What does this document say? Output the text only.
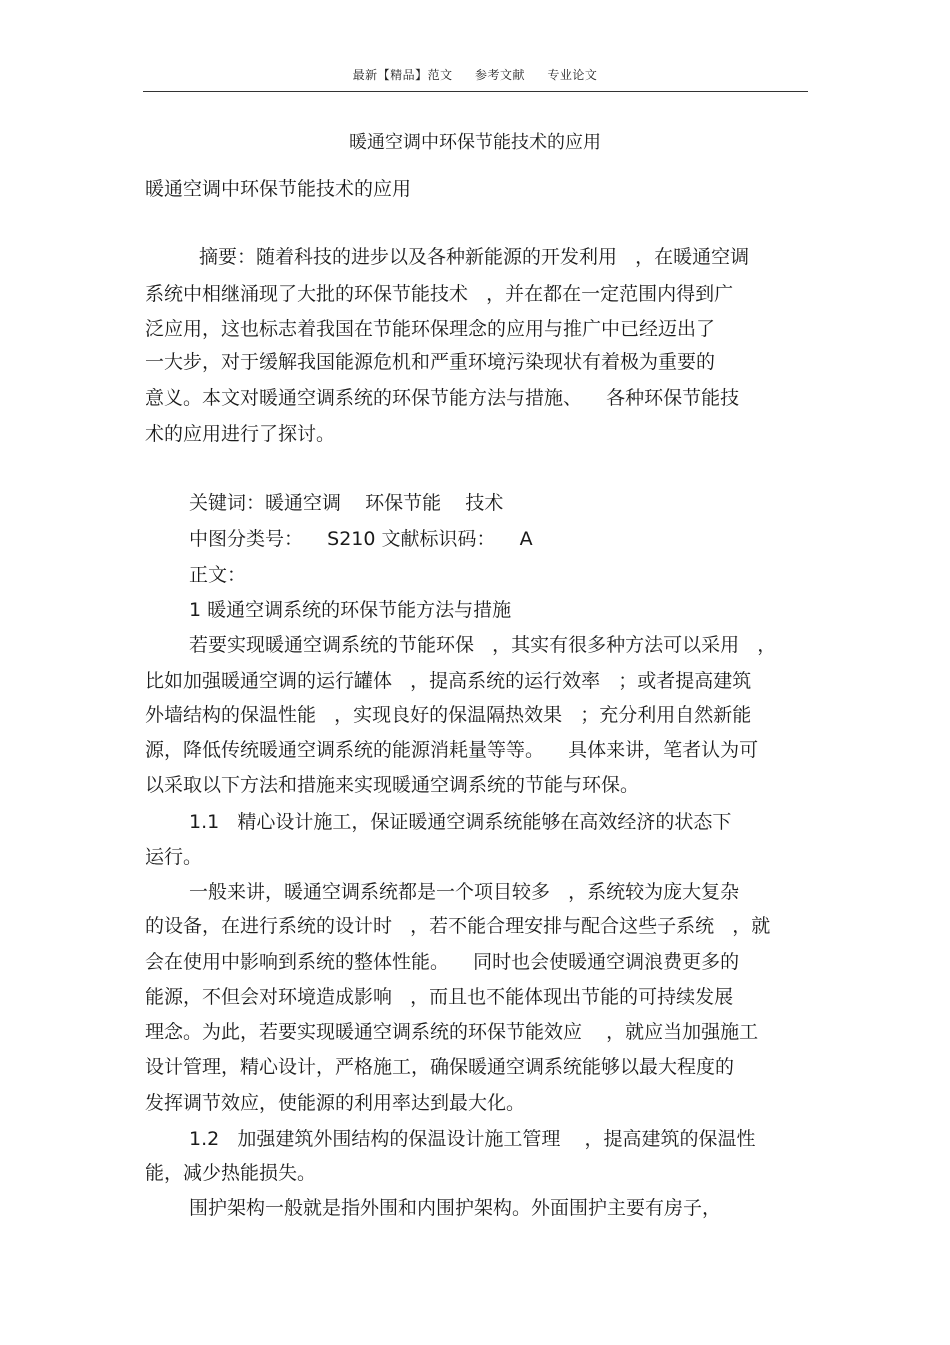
最新【精品】范文 参考文献 专业论文
暖通空调中环保节能技术的应用
暖通空调中环保节能技术的应用
摘要：随着科技的进步以及各种新能源的开发利用   ，在暖通空调
系统中相继涌现了大批的环保节能技术   ，并在都在一定范围内得到广
泛应用，这也标志着我国在节能环保理念的应用与推广中已经迈出了
一大步，对于缓解我国能源危机和严重环境污染现状有着极为重要的
意义。本文对暖通空调系统的环保节能方法与措施、    各种环保节能技
术的应用进行了探讨。
关键词：暖通空调    环保节能    技术
中图分类号：    S210 文献标识码：    A
正文：
1 暖通空调系统的环保节能方法与措施
若要实现暖通空调系统的节能环保   ，其实有很多种方法可以采用   ，
比如加强暖通空调的运行罐体   ，提高系统的运行效率   ；或者提高建筑
外墙结构的保温性能   ，实现良好的保温隔热效果   ；充分利用自然新能
源，降低传统暖通空调系统的能源消耗量等等。    具体来讲，笔者认为可
以采取以下方法和措施来实现暖通空调系统的节能与环保。
1.1   精心设计施工，保证暖通空调系统能够在高效经济的状态下
运行。
一般来讲，暖通空调系统都是一个项目较多   ，系统较为庞大复杂
的设备，在进行系统的设计时   ，若不能合理安排与配合这些子系统   ，就
会在使用中影响到系统的整体性能。    同时也会使暖通空调浪费更多的
能源，不但会对环境造成影响   ，而且也不能体现出节能的可持续发展
理念。为此，若要实现暖通空调系统的环保节能效应    ，就应当加强施工
设计管理，精心设计，严格施工，确保暖通空调系统能够以最大程度的
发挥调节效应，使能源的利用率达到最大化。
1.2   加强建筑外围结构的保温设计施工管理    ，提高建筑的保温性
能，减少热能损失。
围护架构一般就是指外围和内围护架构。外面围护主要有房子，
